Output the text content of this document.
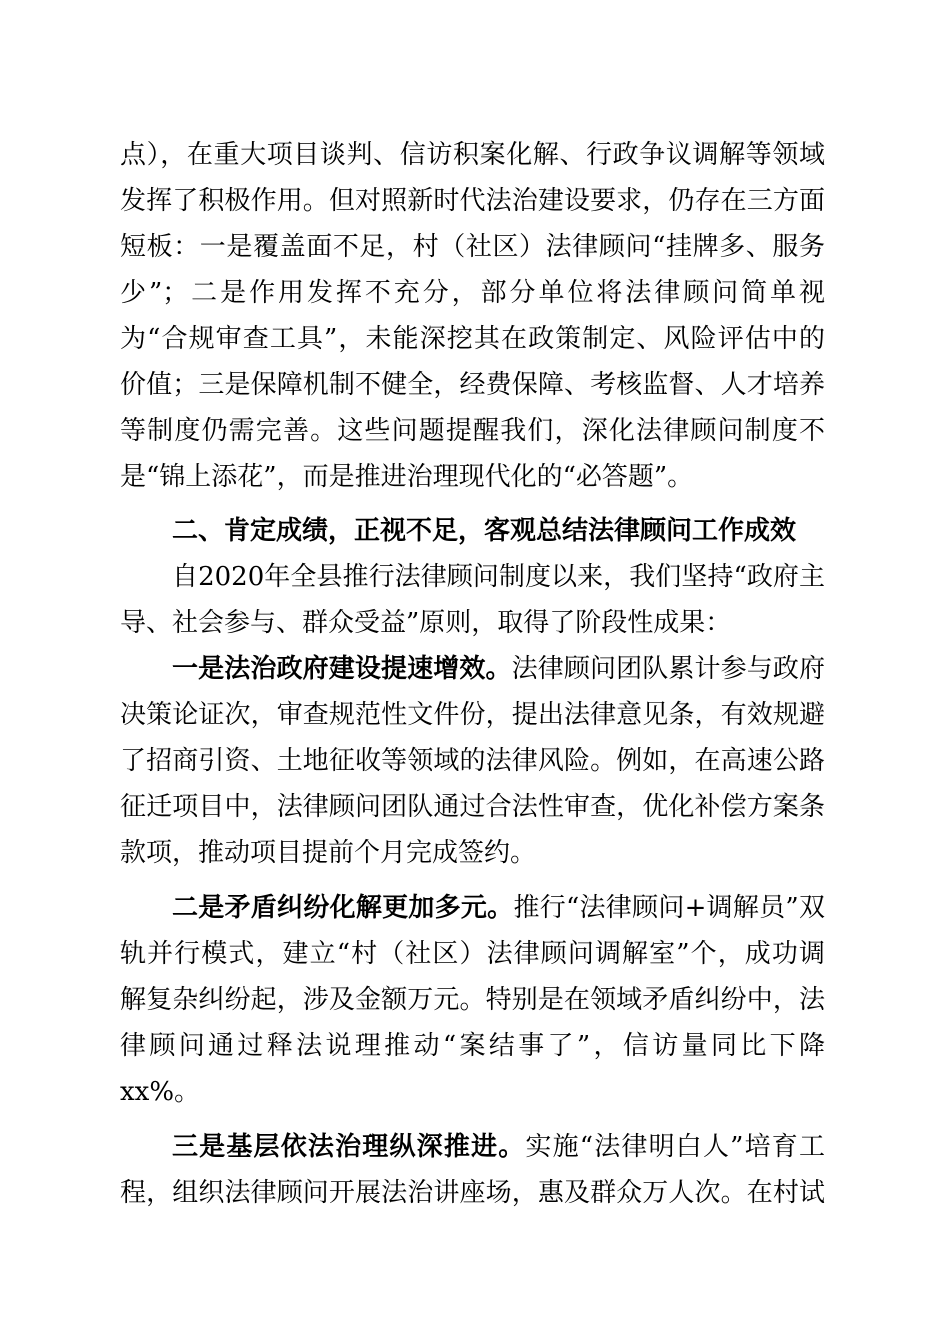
点），在重大项目谈判、信访积案化解、行政争议调解等领域
发挥了积极作用。但对照新时代法治建设要求，仍存在三方面
短板：一是覆盖面不足，村（社区）法律顾问“挂牌多、服务
少”；二是作用发挥不充分，部分单位将法律顾问简单视
为“合规审查工具”，未能深挖其在政策制定、风险评估中的
价值；三是保障机制不健全，经费保障、考核监督、人才培养
等制度仍需完善。这些问题提醒我们，深化法律顾问制度不
是“锦上添花”，而是推进治理现代化的“必答题”。
二、肯定成绩，正视不足，客观总结法律顾问工作成效
自2020年全县推行法律顾问制度以来，我们坚持“政府主
导、社会参与、群众受益”原则，取得了阶段性成果：
一是法治政府建设提速增效。法律顾问团队累计参与政府
决策论证次，审查规范性文件份，提出法律意见条，有效规避
了招商引资、土地征收等领域的法律风险。例如，在高速公路
征迁项目中，法律顾问团队通过合法性审查，优化补偿方案条
款项，推动项目提前个月完成签约。
二是矛盾纠纷化解更加多元。推行“法律顾问+调解员”双
轨并行模式，建立“村（社区）法律顾问调解室”个，成功调
解复杂纠纷起，涉及金额万元。特别是在领域矛盾纠纷中，法
律顾问通过释法说理推动“案结事了”，信访量同比下降
xx%。
三是基层依法治理纵深推进。实施“法律明白人”培育工
程，组织法律顾问开展法治讲座场，惠及群众万人次。在村试
